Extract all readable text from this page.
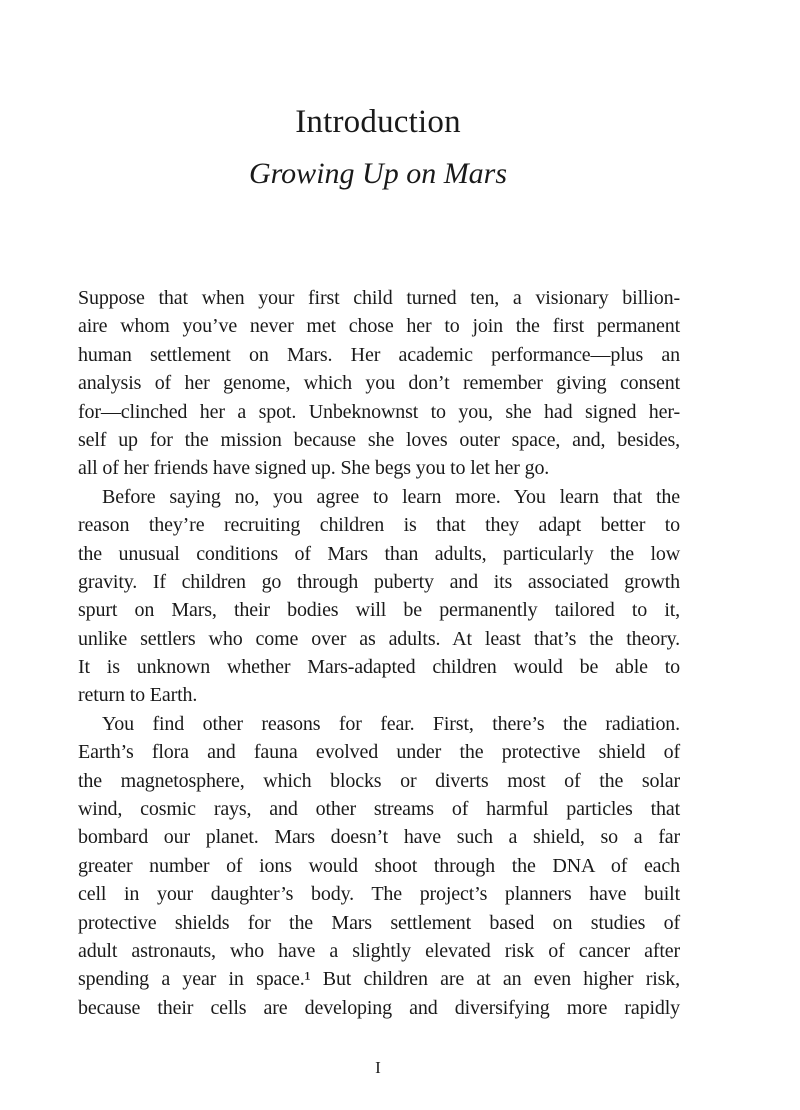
Introduction
Growing Up on Mars
Suppose that when your first child turned ten, a visionary billion-
aire whom you’ve never met chose her to join the first permanent
human settlement on Mars. Her academic performance—plus an
analysis of her genome, which you don’t remember giving consent
for—clinched her a spot. Unbeknownst to you, she had signed her-
self up for the mission because she loves outer space, and, besides,
all of her friends have signed up. She begs you to let her go.
Before saying no, you agree to learn more. You learn that the
reason they’re recruiting children is that they adapt better to
the unusual conditions of Mars than adults, particularly the low
gravity. If children go through puberty and its associated growth
spurt on Mars, their bodies will be permanently tailored to it,
unlike settlers who come over as adults. At least that’s the theory.
It is unknown whether Mars-adapted children would be able to
return to Earth.
You find other reasons for fear. First, there’s the radiation.
Earth’s flora and fauna evolved under the protective shield of
the magnetosphere, which blocks or diverts most of the solar
wind, cosmic rays, and other streams of harmful particles that
bombard our planet. Mars doesn’t have such a shield, so a far
greater number of ions would shoot through the DNA of each
cell in your daughter’s body. The project’s planners have built
protective shields for the Mars settlement based on studies of
adult astronauts, who have a slightly elevated risk of cancer after
spending a year in space.¹ But children are at an even higher risk,
because their cells are developing and diversifying more rapidly
I
